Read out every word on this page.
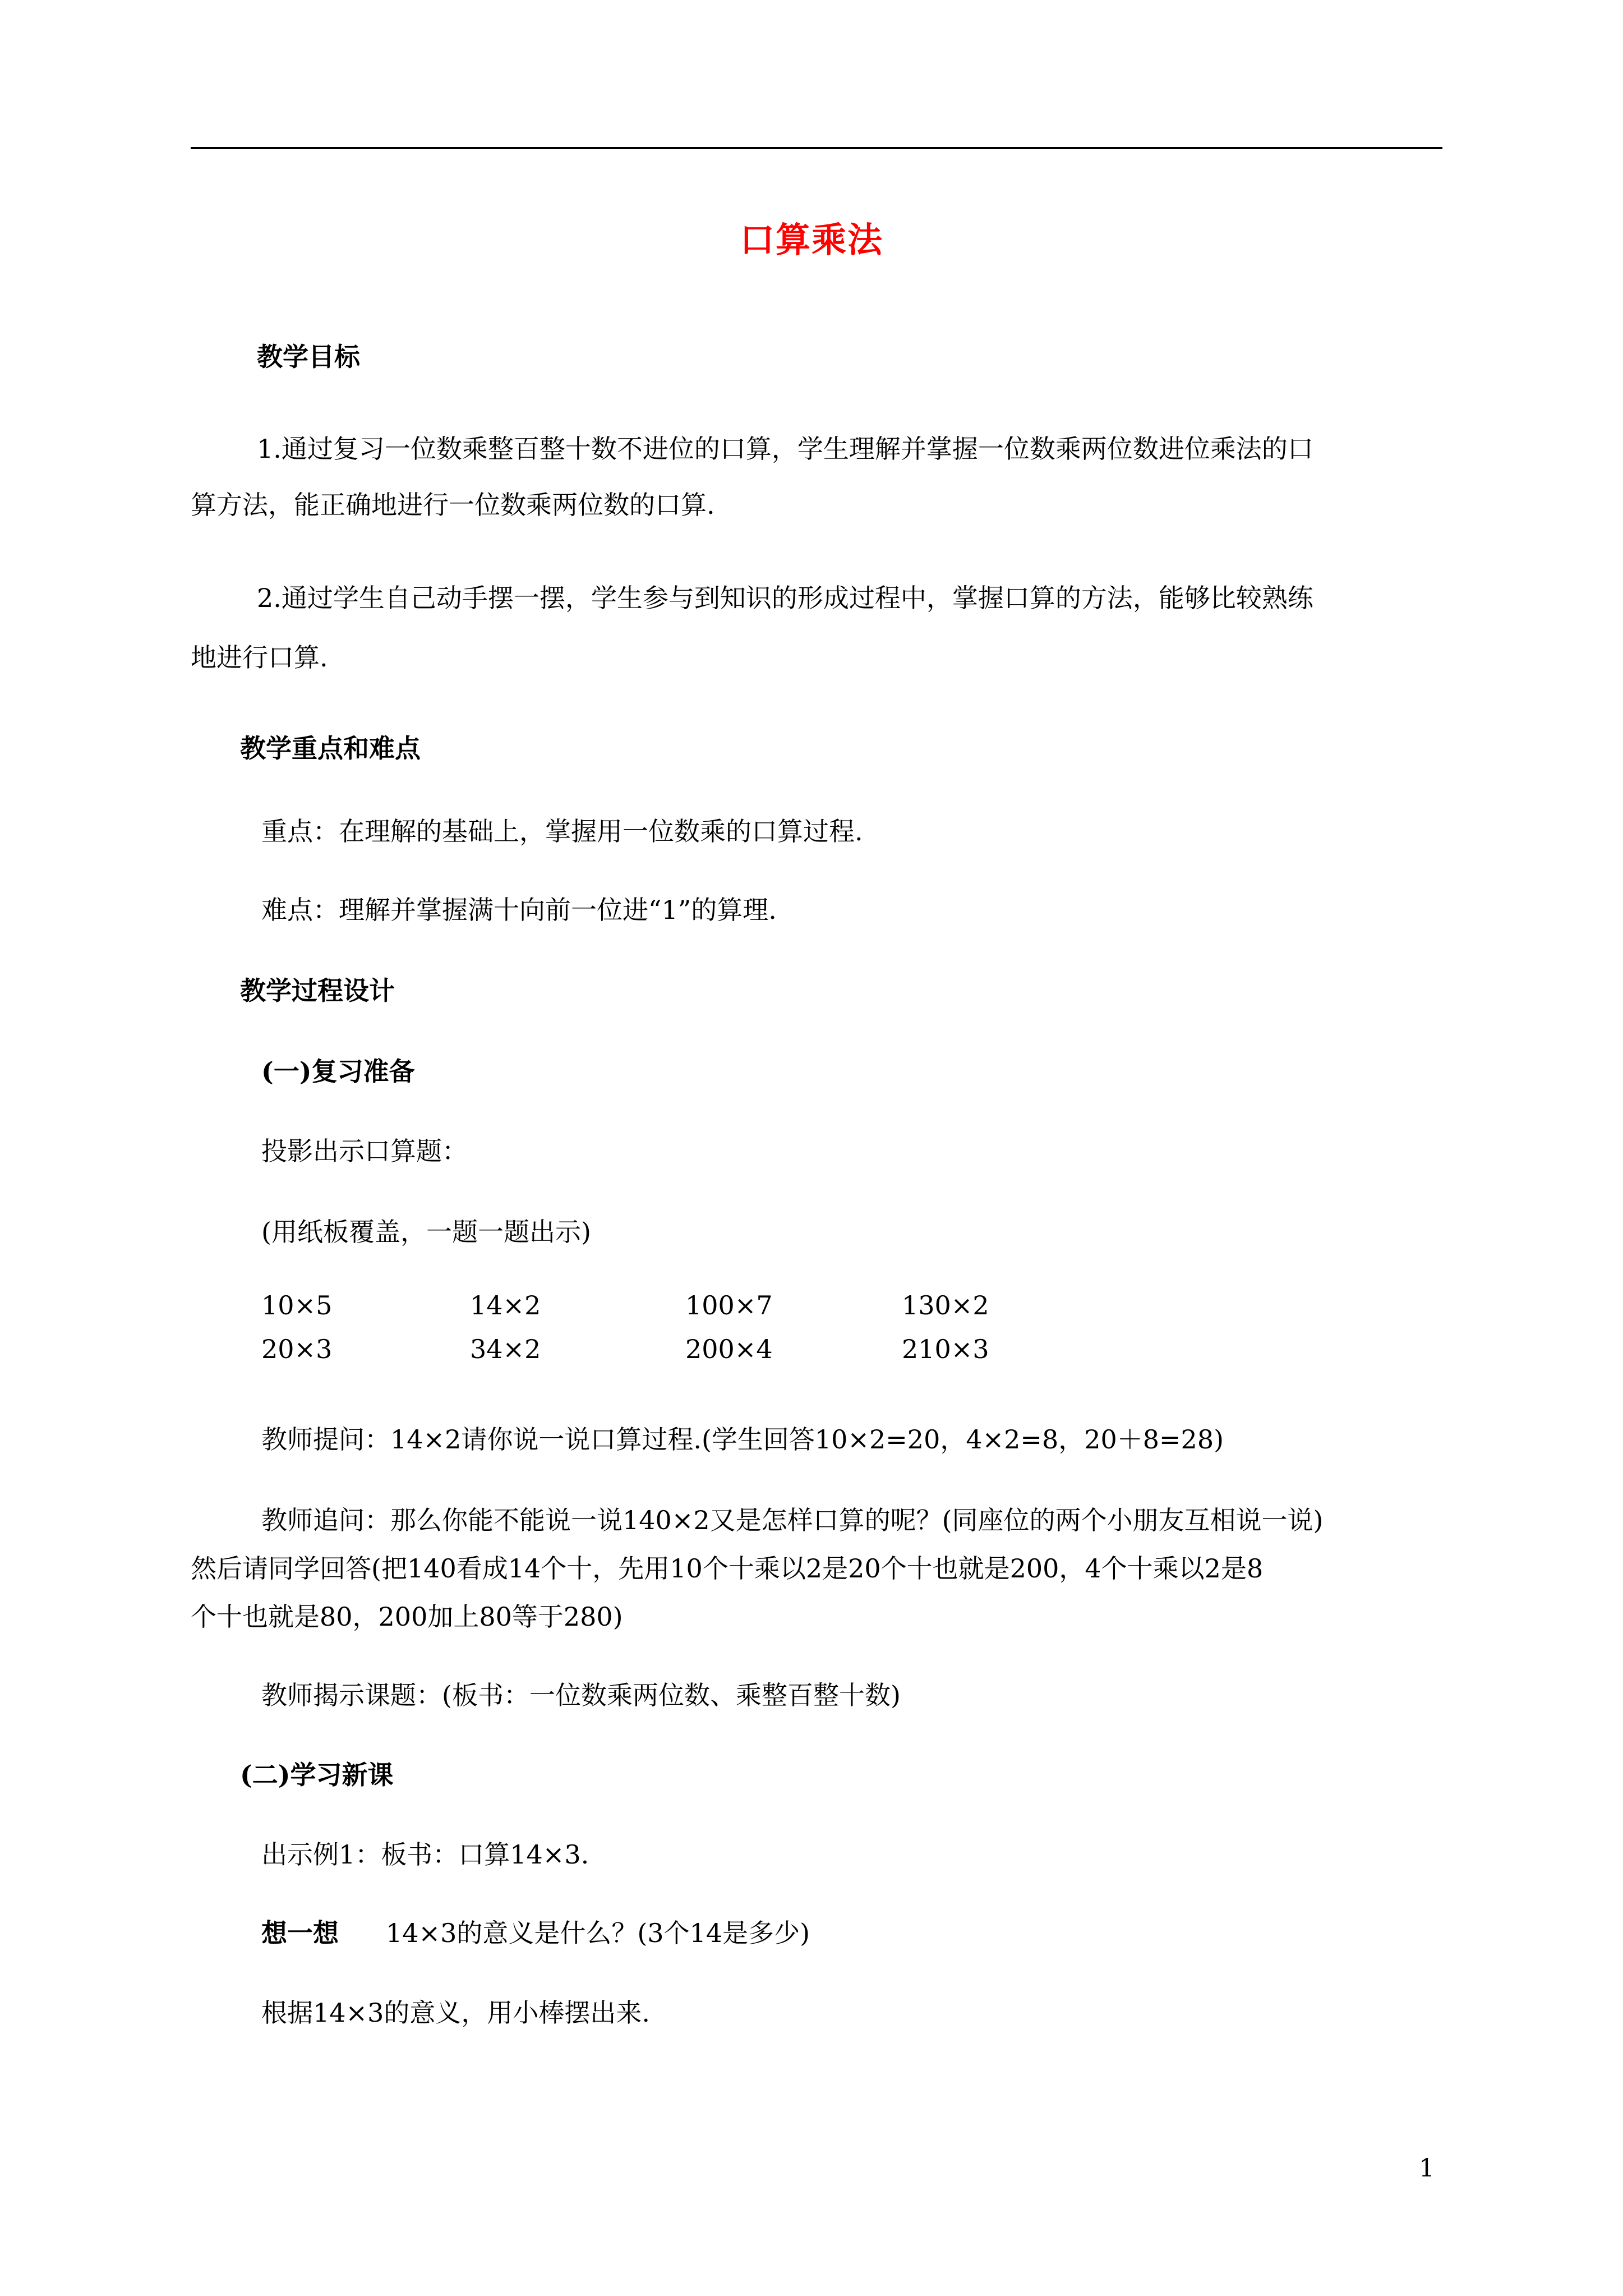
口算乘法
教学目标
1.通过复习一位数乘整百整十数不进位的口算，学生理解并掌握一位数乘两位数进位乘法的口
算方法，能正确地进行一位数乘两位数的口算.
2.通过学生自己动手摆一摆，学生参与到知识的形成过程中，掌握口算的方法，能够比较熟练
地进行口算.
教学重点和难点
重点：在理解的基础上，掌握用一位数乘的口算过程.
难点：理解并掌握满十向前一位进“1”的算理.
教学过程设计
(一)复习准备
投影出示口算题：
(用纸板覆盖，一题一题出示)
10×5	14×2	100×7	130×2
20×3	34×2	200×4	210×3
教师提问：14×2请你说一说口算过程.(学生回答10×2=20，4×2=8，20＋8=28)
教师追问：那么你能不能说一说140×2又是怎样口算的呢？(同座位的两个小朋友互相说一说)
然后请同学回答(把140看成14个十，先用10个十乘以2是20个十也就是200，4个十乘以2是8
个十也就是80，200加上80等于280)
教师揭示课题：(板书：一位数乘两位数、乘整百整十数)
(二)学习新课
出示例1：板书：口算14×3.
想一想 14×3的意义是什么？(3个14是多少)
根据14×3的意义，用小棒摆出来.
1
